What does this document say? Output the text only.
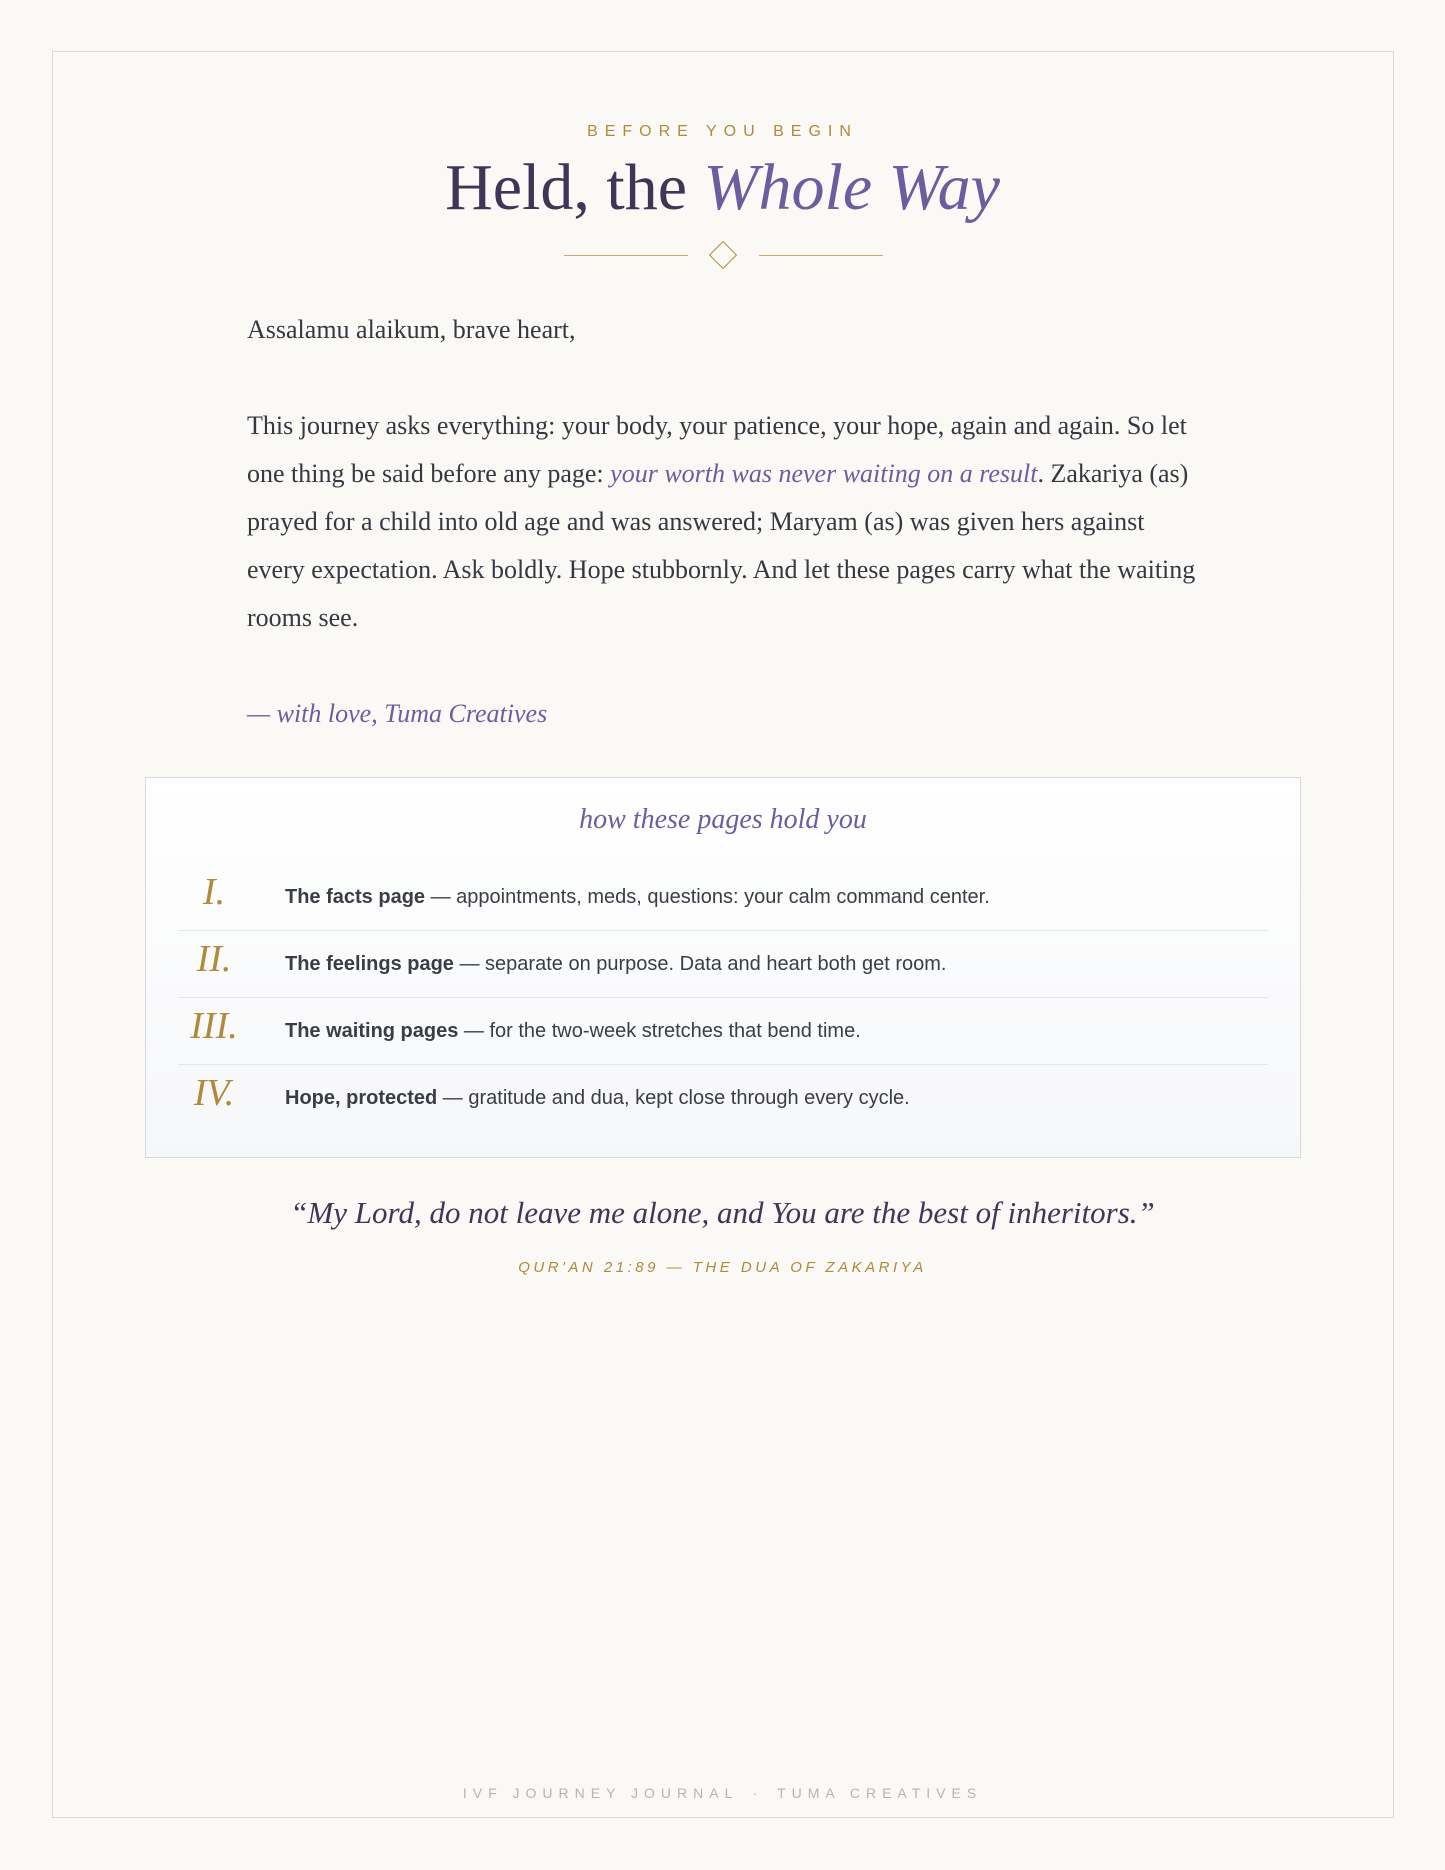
BEFORE YOU BEGIN
Held, the Whole Way
Assalamu alaikum, brave heart,
This journey asks everything: your body, your patience, your hope, again and again. So let one thing be said before any page: your worth was never waiting on a result. Zakariya (as) prayed for a child into old age and was answered; Maryam (as) was given hers against every expectation. Ask boldly. Hope stubbornly. And let these pages carry what the waiting rooms see.
— with love, Tuma Creatives
how these pages hold you
I.	The facts page — appointments, meds, questions: your calm command center.
II.	The feelings page — separate on purpose. Data and heart both get room.
III.	The waiting pages — for the two-week stretches that bend time.
IV.	Hope, protected — gratitude and dua, kept close through every cycle.
“My Lord, do not leave me alone, and You are the best of inheritors.”
QUR'AN 21:89 — THE DUA OF ZAKARIYA
IVF JOURNEY JOURNAL · TUMA CREATIVES
